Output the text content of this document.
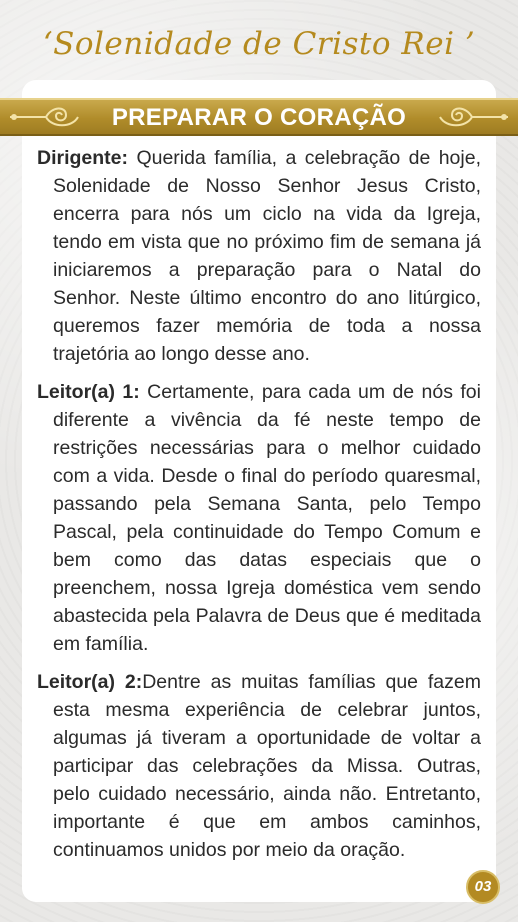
‘Solenidade de Cristo Rei ’
PREPARAR O CORAÇÃO

Dirigente: Querida família, a celebração de hoje, Solenidade de Nosso Senhor Jesus Cristo, encerra para nós um ciclo na vida da Igreja, tendo em vista que no próximo fim de semana já iniciaremos a preparação para o Natal do Senhor. Neste último encontro do ano litúrgico, queremos fazer memória de toda a nossa trajetória ao longo desse ano.

Leitor(a) 1: Certamente, para cada um de nós foi diferente a vivência da fé neste tempo de restrições necessárias para o melhor cuidado com a vida. Desde o final do período quaresmal, passando pela Semana Santa, pelo Tempo Pascal, pela continuidade do Tempo Comum e bem como das datas especiais que o preenchem, nossa Igreja doméstica vem sendo abastecida pela Palavra de Deus que é meditada em família.

Leitor(a) 2:Dentre as muitas famílias que fazem esta mesma experiência de celebrar juntos, algumas já tiveram a oportunidade de voltar a participar das celebrações da Missa. Outras, pelo cuidado necessário, ainda não. Entretanto, importante é que em ambos caminhos, continuamos unidos por meio da oração.

03
